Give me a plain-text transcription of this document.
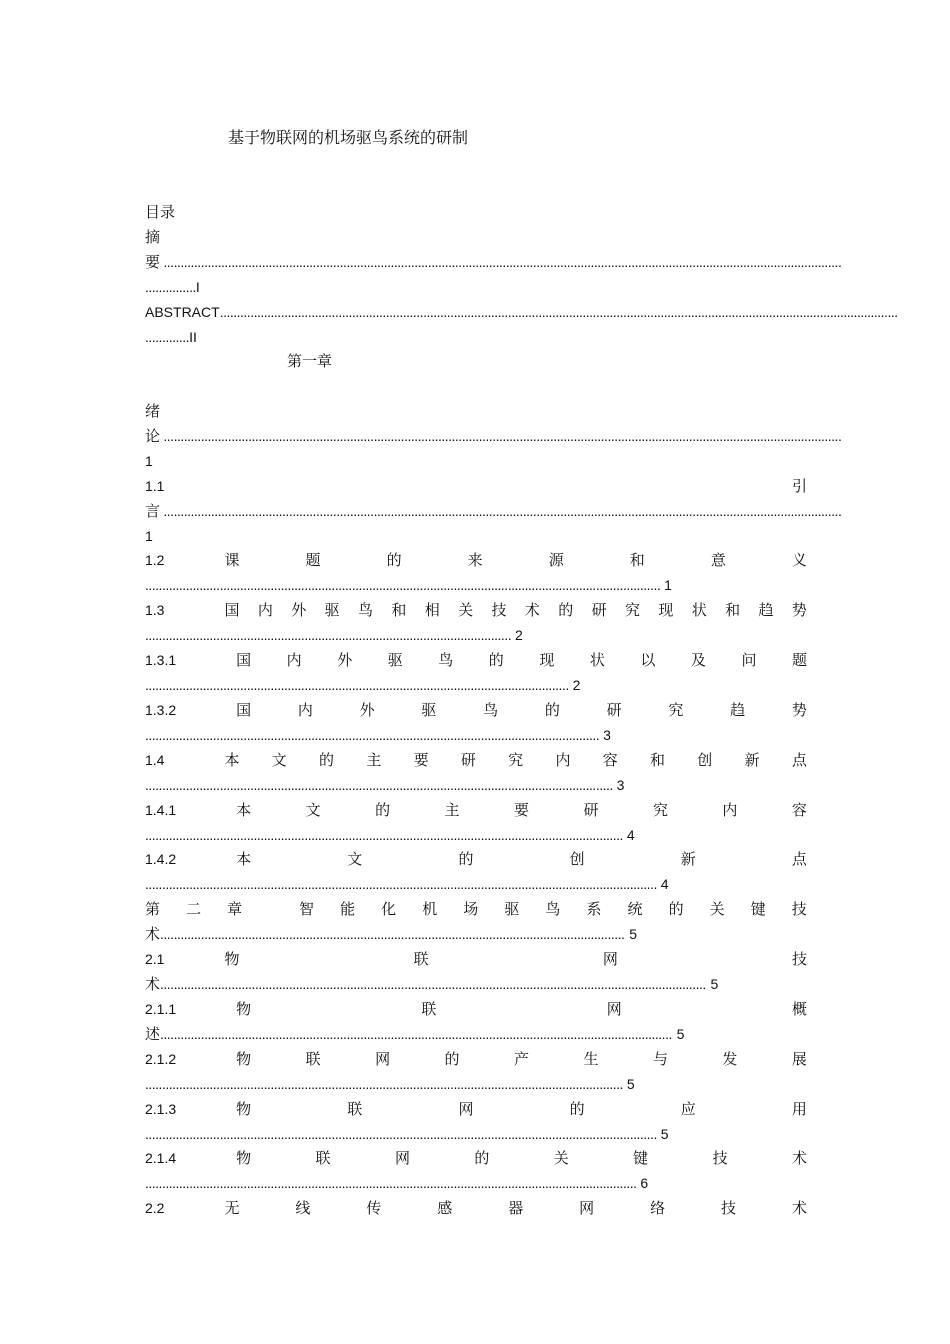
基于物联网的机场驱鸟系统的研制
目录
摘
要 ........................................................................................................................................................................................................
...............I
ABSTRACT........................................................................................................................................................................................................
.............II
第一章
绪
论 ........................................................................................................................................................................................................
1
1.1	引
言 ........................................................................................................................................................................................................
1
1.2	课	题	的	来	源	和	意	义
........................................................................................................................................................ 1
1.3	国 内 外 驱 鸟 和 相 关 技 术 的 研 究 现 状 和 趋 势
............................................................................................................ 2
1.3.1	国 内 外 驱 鸟 的 现 状 以 及 问 题
............................................................................................................................. 2
1.3.2	国	内	外	驱	鸟	的	研	究	趋	势
...................................................................................................................................... 3
1.4	本 文 的 主 要 研 究 内 容 和 创 新 点
.......................................................................................................................................... 3
1.4.1	本	文	的	主	要	研	究	内	容
............................................................................................................................................. 4
1.4.2	本	文	的	创	新	点
....................................................................................................................................................... 4
第 二 章
	智 能 化 机 场 驱 鸟 系 统 的 关 键 技
术......................................................................................................................................... 5
2.1	物	联	网	技
术................................................................................................................................................................. 5
2.1.1	物	联	网	概
述....................................................................................................................................................... 5
2.1.2	物	联	网	的	产	生	与	发	展
............................................................................................................................................. 5
2.1.3	物	联	网	的	应	用
....................................................................................................................................................... 5
2.1.4	物	联	网	的	关	键	技	术
................................................................................................................................................. 6
2.2	无	线	传	感	器	网	络	技	术
